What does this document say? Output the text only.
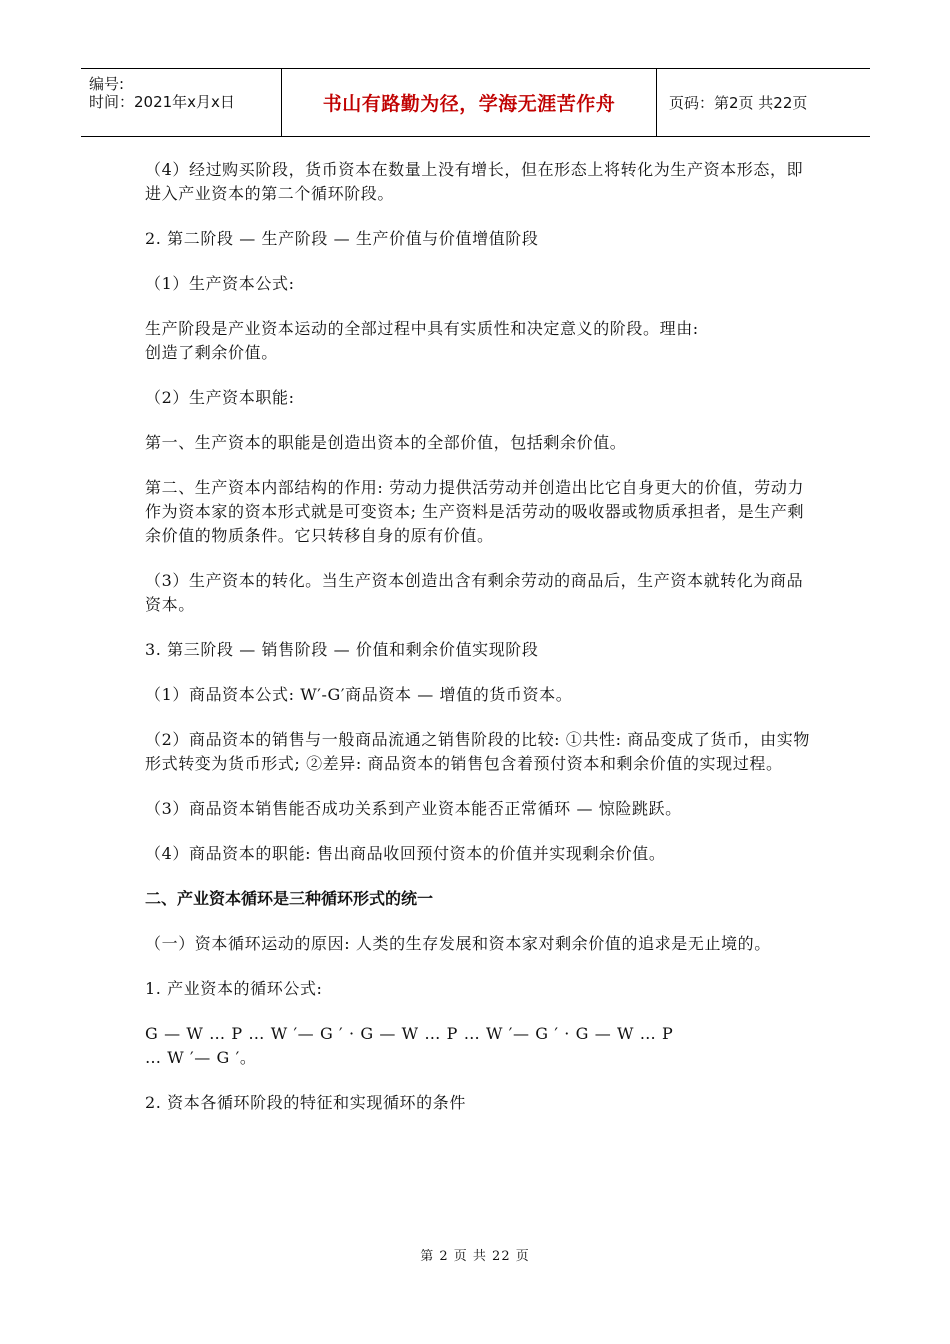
编号:
时间：2021年x月x日	书山有路勤为径，学海无涯苦作舟	页码：第2页 共22页

（4）经过购买阶段，货币资本在数量上没有增长，但在形态上将转化为生产资本形态，即进入产业资本的第二个循环阶段。

2. 第二阶段 — 生产阶段 — 生产价值与价值增值阶段

（1）生产资本公式:

生产阶段是产业资本运动的全部过程中具有实质性和决定意义的阶段。理由:
创造了剩余价值。

（2）生产资本职能:

第一、生产资本的职能是创造出资本的全部价值，包括剩余价值。

第二、生产资本内部结构的作用: 劳动力提供活劳动并创造出比它自身更大的价值，劳动力作为资本家的资本形式就是可变资本; 生产资料是活劳动的吸收器或物质承担者，是生产剩余价值的物质条件。它只转移自身的原有价值。

（3）生产资本的转化。当生产资本创造出含有剩余劳动的商品后，生产资本就转化为商品资本。

3. 第三阶段 — 销售阶段 — 价值和剩余价值实现阶段

（1）商品资本公式: W′-G′商品资本 — 增值的货币资本。

（2）商品资本的销售与一般商品流通之销售阶段的比较: ①共性: 商品变成了货币，由实物形式转变为货币形式; ②差异: 商品资本的销售包含着预付资本和剩余价值的实现过程。

（3）商品资本销售能否成功关系到产业资本能否正常循环 — 惊险跳跃。

（4）商品资本的职能: 售出商品收回预付资本的价值并实现剩余价值。

二、产业资本循环是三种循环形式的统一

（一）资本循环运动的原因: 人类的生存发展和资本家对剩余价值的追求是无止境的。

1. 产业资本的循环公式:

G — W … P … W ′— G ′ · G — W … P … W ′— G ′ · G — W … P
… W ′— G ′。

2. 资本各循环阶段的特征和实现循环的条件

第 2 页 共 22 页
